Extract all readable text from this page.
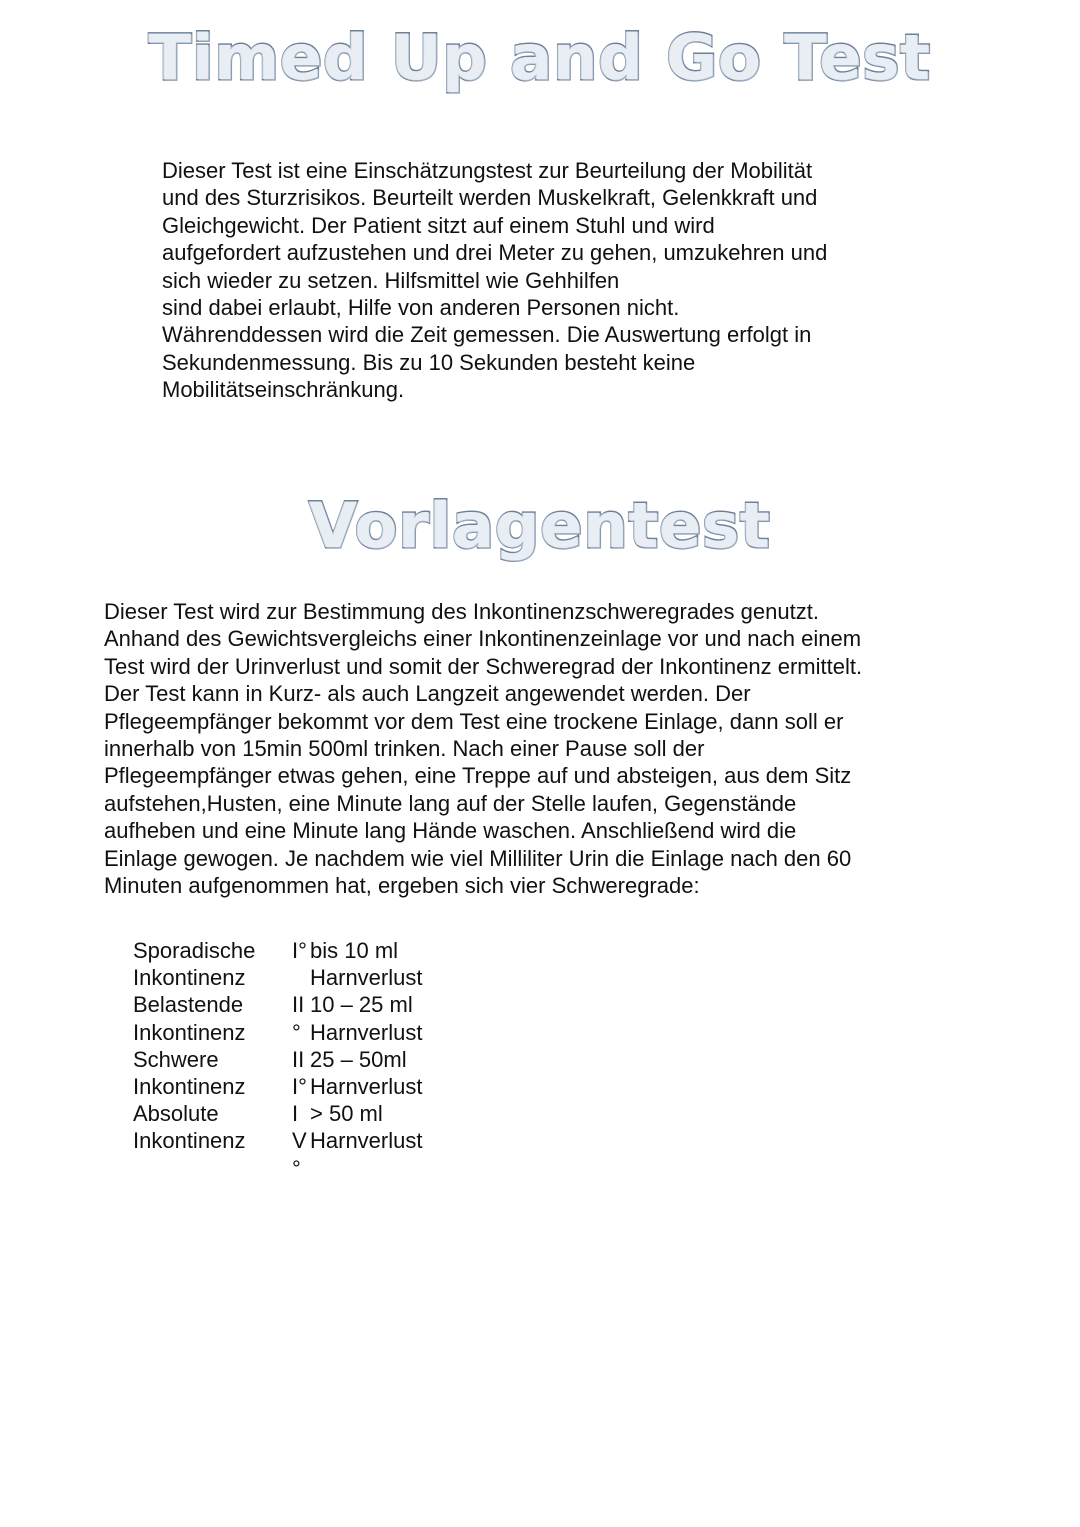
Timed Up and Go Test

Dieser Test ist eine Einschätzungstest zur Beurteilung der Mobilität
und des Sturzrisikos. Beurteilt werden Muskelkraft, Gelenkkraft und
Gleichgewicht. Der Patient sitzt auf einem Stuhl und wird
aufgefordert aufzustehen und drei Meter zu gehen, umzukehren und
sich wieder zu setzen. Hilfsmittel wie Gehhilfen
sind dabei erlaubt, Hilfe von anderen Personen nicht.
Währenddessen wird die Zeit gemessen. Die Auswertung erfolgt in
Sekundenmessung. Bis zu 10 Sekunden besteht keine
Mobilitätseinschränkung.

Vorlagentest

Dieser Test wird zur Bestimmung des Inkontinenzschweregrades genutzt.
Anhand des Gewichtsvergleichs einer Inkontinenzeinlage vor und nach einem
Test wird der Urinverlust und somit der Schweregrad der Inkontinenz ermittelt.
Der Test kann in Kurz- als auch Langzeit angewendet werden. Der
Pflegeempfänger bekommt vor dem Test eine trockene Einlage, dann soll er
innerhalb von 15min 500ml trinken. Nach einer Pause soll der
Pflegeempfänger etwas gehen, eine Treppe auf und absteigen, aus dem Sitz
aufstehen,Husten, eine Minute lang auf der Stelle laufen, Gegenstände
aufheben und eine Minute lang Hände waschen. Anschließend wird die
Einlage gewogen. Je nachdem wie viel Milliliter Urin die Einlage nach den 60
Minuten aufgenommen hat, ergeben sich vier Schweregrade:

Sporadische
Inkontinenz
I° bis 10 ml
Harnverlust
Belastende
Inkontinenz
II
°
10 – 25 ml
Harnverlust
Schwere
Inkontinenz
II
I°
25 – 50ml
Harnverlust
Absolute
Inkontinenz
I
V
°
> 50 ml
Harnverlust
